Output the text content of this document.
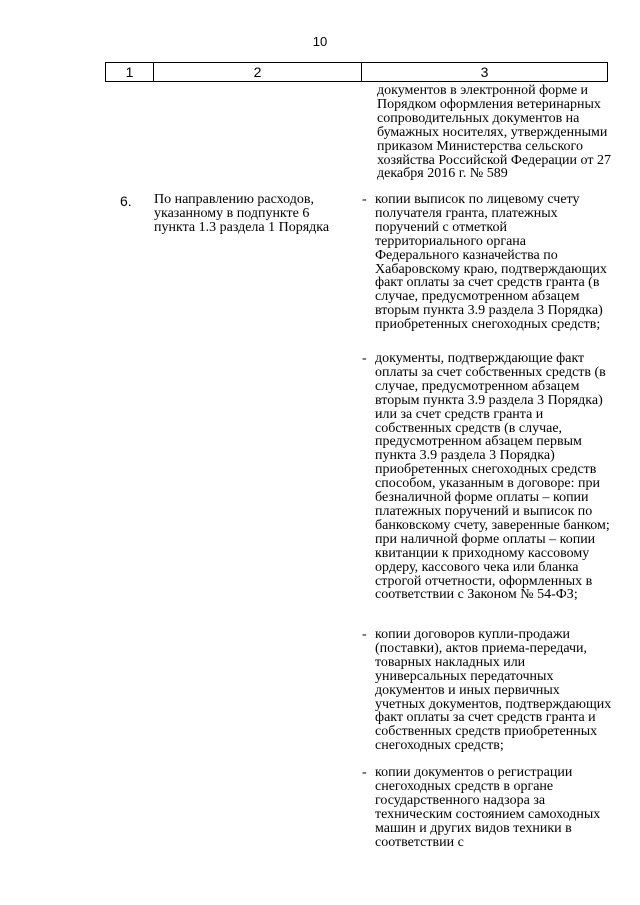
10
1	2	3
документов в электронной форме и Порядком оформления ветеринарных сопроводительных документов на бумажных носителях, утвержденными приказом Министерства сельского хозяйства Российской Федерации от 27 декабря 2016 г. № 589
6. По направлению расходов, указанному в подпункте 6 пункта 1.3 раздела 1 Порядка
- копии выписок по лицевому счету получателя гранта, платежных поручений с отметкой территориального органа Федерального казначейства по Хабаровскому краю, подтверждающих факт оплаты за счет средств гранта (в случае, предусмотренном абзацем вторым пункта 3.9 раздела 3 Порядка) приобретенных снегоходных средств;
- документы, подтверждающие факт оплаты за счет собственных средств (в случае, предусмотренном абзацем вторым пункта 3.9 раздела 3 Порядка) или за счет средств гранта и собственных средств (в случае, предусмотренном абзацем первым пункта 3.9 раздела 3 Порядка) приобретенных снегоходных средств способом, указанным в договоре: при безналичной форме оплаты – копии платежных поручений и выписок по банковскому счету, заверенные банком; при наличной форме оплаты – копии квитанции к приходному кассовому ордеру, кассового чека или бланка строгой отчетности, оформленных в соответствии с Законом № 54-ФЗ;
- копии договоров купли-продажи (поставки), актов приема-передачи, товарных накладных или универсальных передаточных документов и иных первичных учетных документов, подтверждающих факт оплаты за счет средств гранта и собственных средств приобретенных снегоходных средств;
- копии документов о регистрации снегоходных средств в органе государственного надзора за техническим состоянием самоходных машин и других видов техники в соответствии с
